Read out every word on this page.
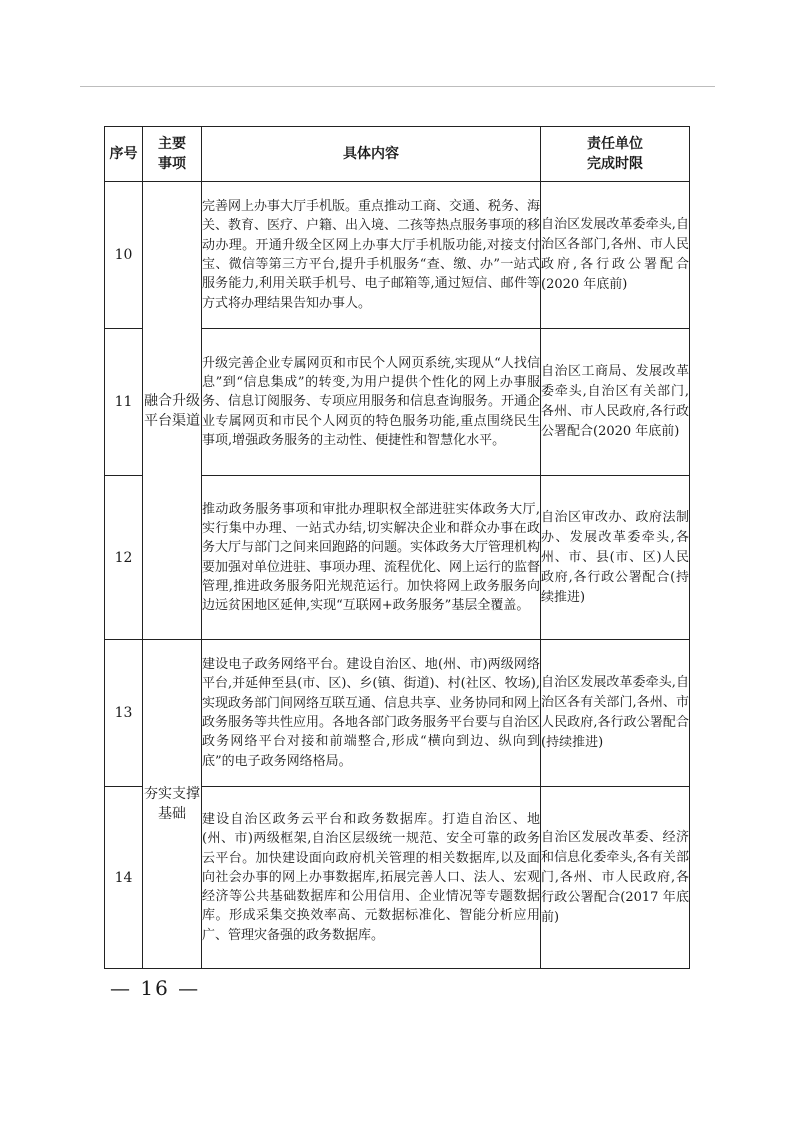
序号	主要事项	具体内容	责任单位
完成时限

10	融合升级平台渠道	完善网上办事大厅手机版。重点推动工商、交通、税务、海关、教育、医疗、户籍、出入境、二孩等热点服务事项的移动办理。开通升级全区网上办事大厅手机版功能,对接支付宝、微信等第三方平台,提升手机服务“查、缴、办”一站式服务能力,利用关联手机号、电子邮箱等,通过短信、邮件等方式将办理结果告知办事人。	自治区发展改革委牵头,自治区各部门,各州、市人民政府,各行政公署配合(2020 年底前)
11		升级完善企业专属网页和市民个人网页系统,实现从“人找信息”到“信息集成”的转变,为用户提供个性化的网上办事服务、信息订阅服务、专项应用服务和信息查询服务。开通企业专属网页和市民个人网页的特色服务功能,重点围绕民生事项,增强政务服务的主动性、便捷性和智慧化水平。	自治区工商局、发展改革委牵头,自治区有关部门,各州、市人民政府,各行政公署配合(2020 年底前)
12		推动政务服务事项和审批办理职权全部进驻实体政务大厅,实行集中办理、一站式办结,切实解决企业和群众办事在政务大厅与部门之间来回跑路的问题。实体政务大厅管理机构要加强对单位进驻、事项办理、流程优化、网上运行的监督管理,推进政务服务阳光规范运行。加快将网上政务服务向边远贫困地区延伸,实现“互联网+政务服务”基层全覆盖。	自治区审改办、政府法制办、发展改革委牵头,各州、市、县(市、区)人民政府,各行政公署配合(持续推进)
13	夯实支撑基础	建设电子政务网络平台。建设自治区、地(州、市)两级网络平台,并延伸至县(市、区)、乡(镇、街道)、村(社区、牧场),实现政务部门间网络互联互通、信息共享、业务协同和网上政务服务等共性应用。各地各部门政务服务平台要与自治区政务网络平台对接和前端整合,形成“横向到边、纵向到底”的电子政务网络格局。	自治区发展改革委牵头,自治区各有关部门,各州、市人民政府,各行政公署配合(持续推进)
14		建设自治区政务云平台和政务数据库。打造自治区、地(州、市)两级框架,自治区层级统一规范、安全可靠的政务云平台。加快建设面向政府机关管理的相关数据库,以及面向社会办事的网上办事数据库,拓展完善人口、法人、宏观经济等公共基础数据库和公用信用、企业情况等专题数据库。形成采集交换效率高、元数据标准化、智能分析应用广、管理灾备强的政务数据库。	自治区发展改革委、经济和信息化委牵头,各有关部门,各州、市人民政府,各行政公署配合(2017 年底前)
— 16 —
